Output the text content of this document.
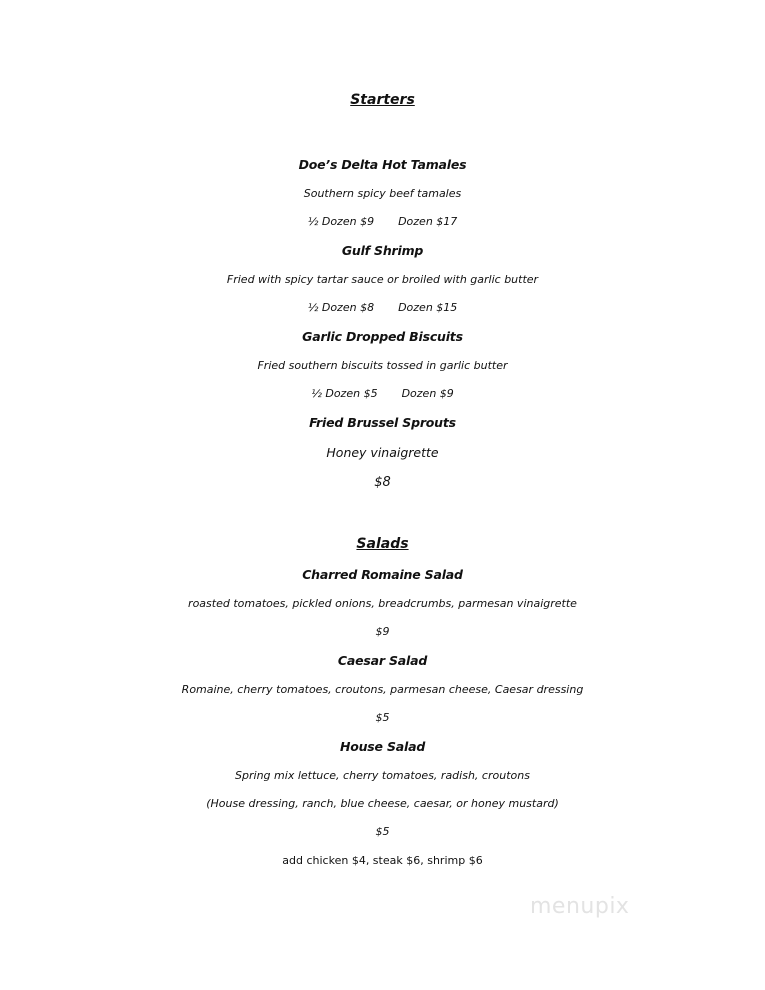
Starters
Doe’s Delta Hot Tamales
Southern spicy beef tamales
½ Dozen $9 Dozen $17
Gulf Shrimp
Fried with spicy tartar sauce or broiled with garlic butter
½ Dozen $8 Dozen $15
Garlic Dropped Biscuits
Fried southern biscuits tossed in garlic butter
½ Dozen $5 Dozen $9
Fried Brussel Sprouts
Honey vinaigrette
$8
Salads
Charred Romaine Salad
roasted tomatoes, pickled onions, breadcrumbs, parmesan vinaigrette
$9
Caesar Salad
Romaine, cherry tomatoes, croutons, parmesan cheese, Caesar dressing
$5
House Salad
Spring mix lettuce, cherry tomatoes, radish, croutons
(House dressing, ranch, blue cheese, caesar, or honey mustard)
$5
add chicken $4, steak $6, shrimp $6
menupix
